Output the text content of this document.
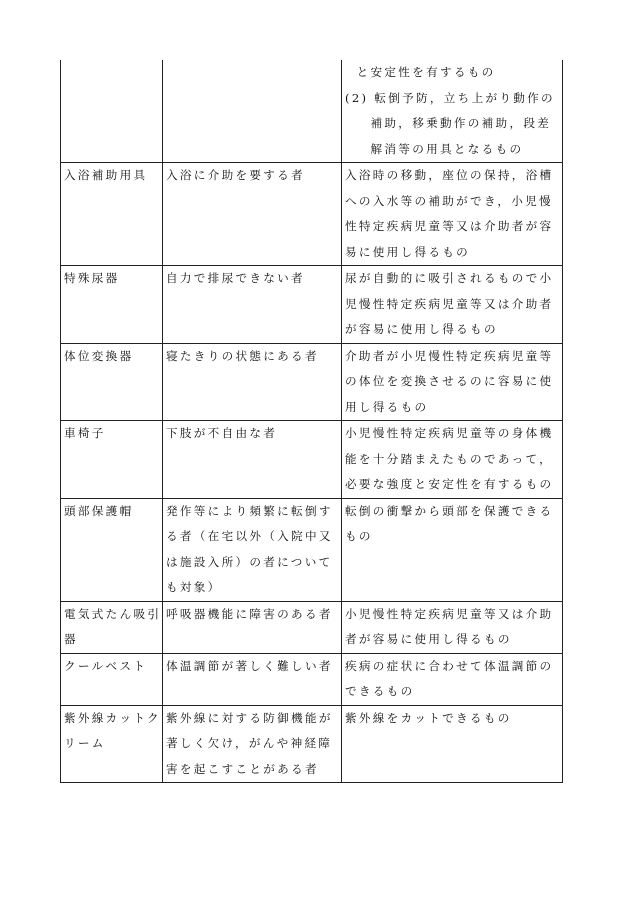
		と安定性を有するもの
(2) 転倒予防，立ち上がり動作の補助，移乗動作の補助，段差解消等の用具となるもの

入浴補助用具	入浴に介助を要する者	入浴時の移動，座位の保持，浴槽への入水等の補助ができ，小児慢性特定疾病児童等又は介助者が容易に使用し得るもの
特殊尿器	自力で排尿できない者	尿が自動的に吸引されるもので小児慢性特定疾病児童等又は介助者が容易に使用し得るもの
体位変換器	寝たきりの状態にある者	介助者が小児慢性特定疾病児童等の体位を変換させるのに容易に使用し得るもの
車椅子	下肢が不自由な者	小児慢性特定疾病児童等の身体機能を十分踏まえたものであって，必要な強度と安定性を有するもの
頭部保護帽	発作等により頻繁に転倒する者（在宅以外（入院中又は施設入所）の者についても対象）	転倒の衝撃から頭部を保護できるもの
電気式たん吸引器	呼吸器機能に障害のある者	小児慢性特定疾病児童等又は介助者が容易に使用し得るもの
クールベスト	体温調節が著しく難しい者	疾病の症状に合わせて体温調節のできるもの
紫外線カットクリーム	紫外線に対する防御機能が著しく欠け，がんや神経障害を起こすことがある者	紫外線をカットできるもの
